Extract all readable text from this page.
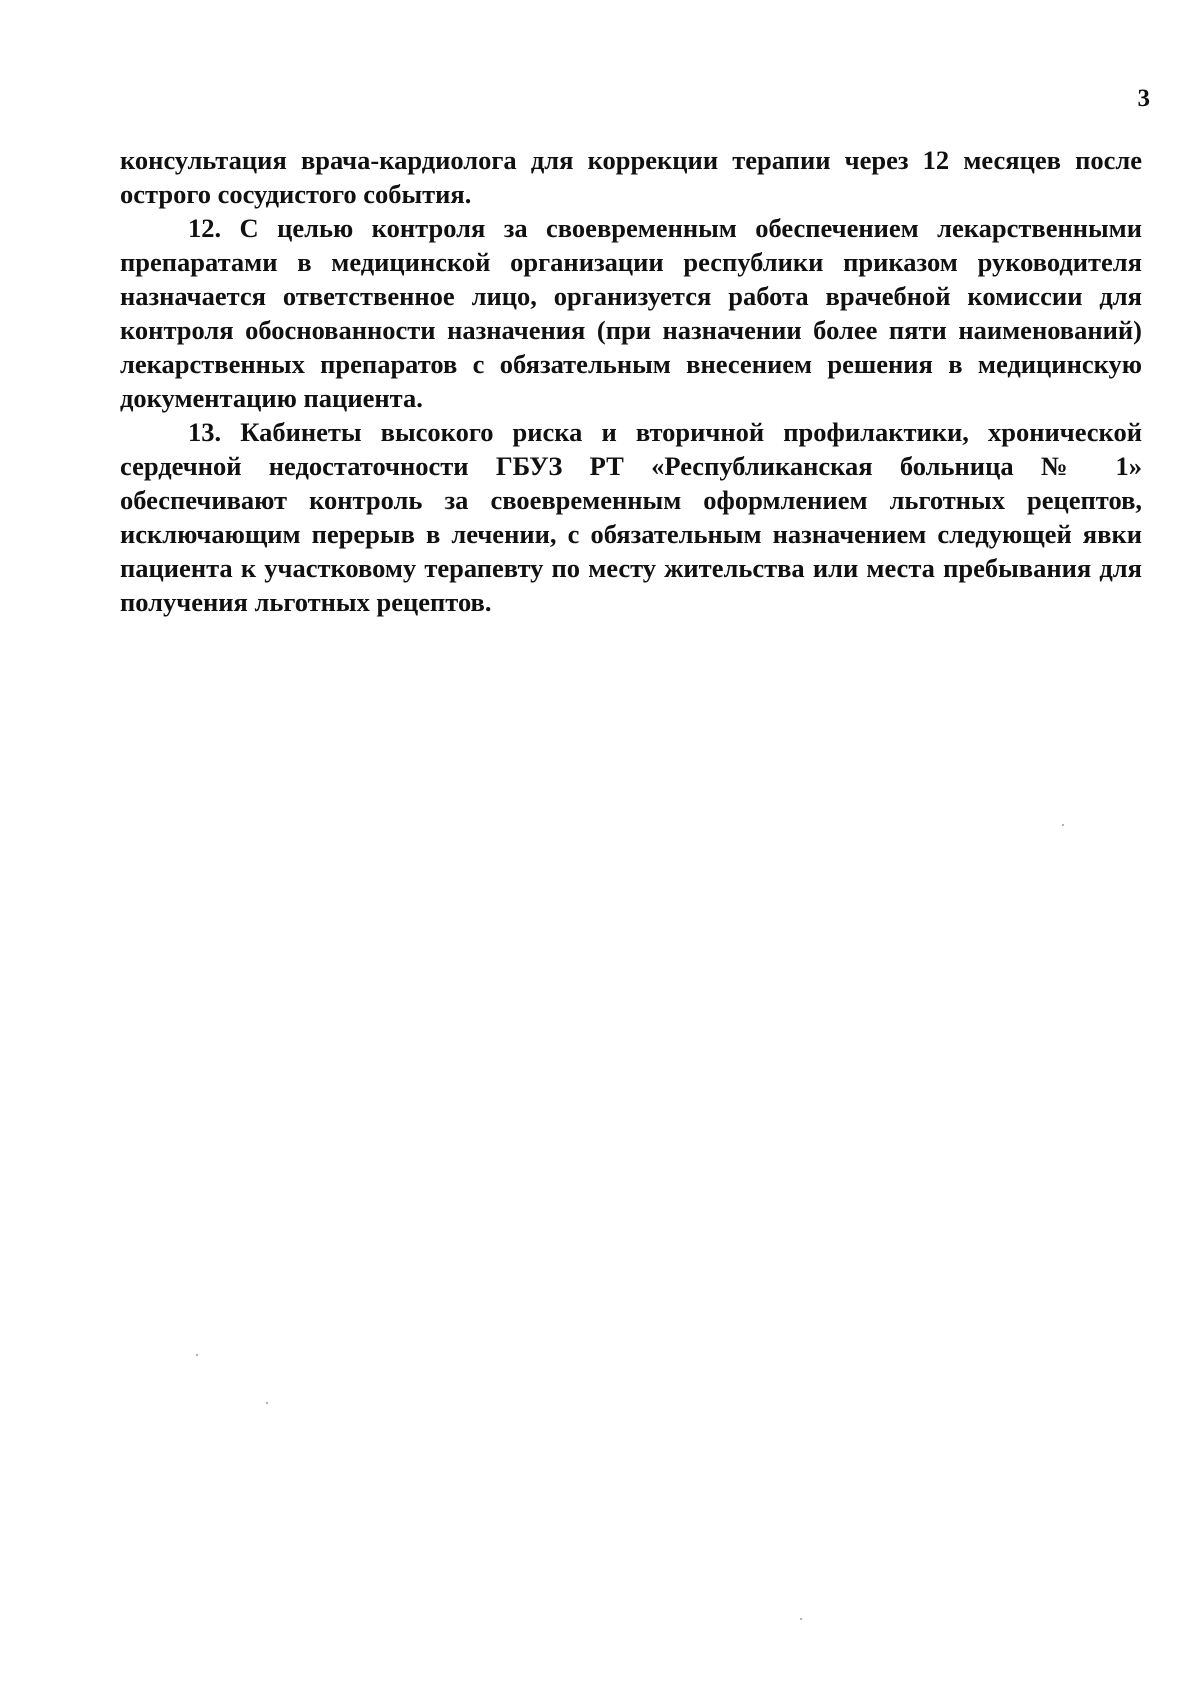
3

консультация врача-кардиолога для коррекции терапии через 12 месяцев после острого сосудистого события.

12. С целью контроля за своевременным обеспечением лекарственными препаратами в медицинской организации республики приказом руководителя назначается ответственное лицо, организуется работа врачебной комиссии для контроля обоснованности назначения (при назначении более пяти наименований) лекарственных препаратов с обязательным внесением решения в медицинскую документацию пациента.

13. Кабинеты высокого риска и вторичной профилактики, хронической сердечной недостаточности ГБУЗ РТ «Республиканская больница № 1» обеспечивают контроль за своевременным оформлением льготных рецептов, исключающим перерыв в лечении, с обязательным назначением следующей явки пациента к участковому терапевту по месту жительства или места пребывания для получения льготных рецептов.
